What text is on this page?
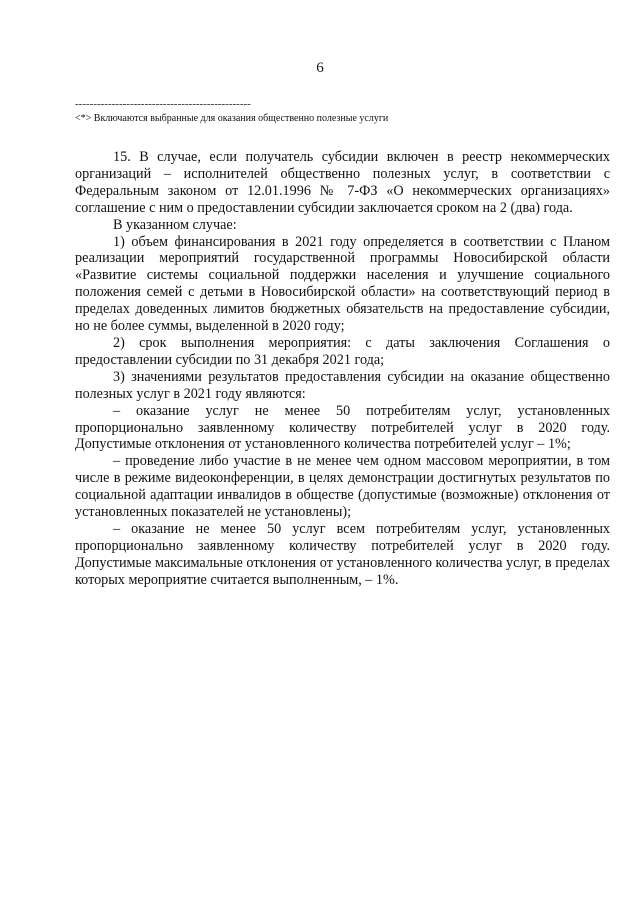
6
------------------------------------------------
<*> Включаются выбранные для оказания общественно полезные услуги

15. В случае, если получатель субсидии включен в реестр некоммерческих организаций – исполнителей общественно полезных услуг, в соответствии с Федеральным законом от 12.01.1996 № 7-ФЗ «О некоммерческих организациях» соглашение с ним о предоставлении субсидии заключается сроком на 2 (два) года.

В указанном случае:

1) объем финансирования в 2021 году определяется в соответствии с Планом реализации мероприятий государственной программы Новосибирской области «Развитие системы социальной поддержки населения и улучшение социального положения семей с детьми в Новосибирской области» на соответствующий период в пределах доведенных лимитов бюджетных обязательств на предоставление субсидии, но не более суммы, выделенной в 2020 году;

2) срок выполнения мероприятия: с даты заключения Соглашения о предоставлении субсидии по 31 декабря 2021 года;

3) значениями результатов предоставления субсидии на оказание общественно полезных услуг в 2021 году являются:

– оказание услуг не менее 50 потребителям услуг, установленных пропорционально заявленному количеству потребителей услуг в 2020 году. Допустимые отклонения от установленного количества потребителей услуг – 1%;

– проведение либо участие в не менее чем одном массовом мероприятии, в том числе в режиме видеоконференции, в целях демонстрации достигнутых результатов по социальной адаптации инвалидов в обществе (допустимые (возможные) отклонения от установленных показателей не установлены);

– оказание не менее 50 услуг всем потребителям услуг, установленных пропорционально заявленному количеству потребителей услуг в 2020 году. Допустимые максимальные отклонения от установленного количества услуг, в пределах которых мероприятие считается выполненным, – 1%.
